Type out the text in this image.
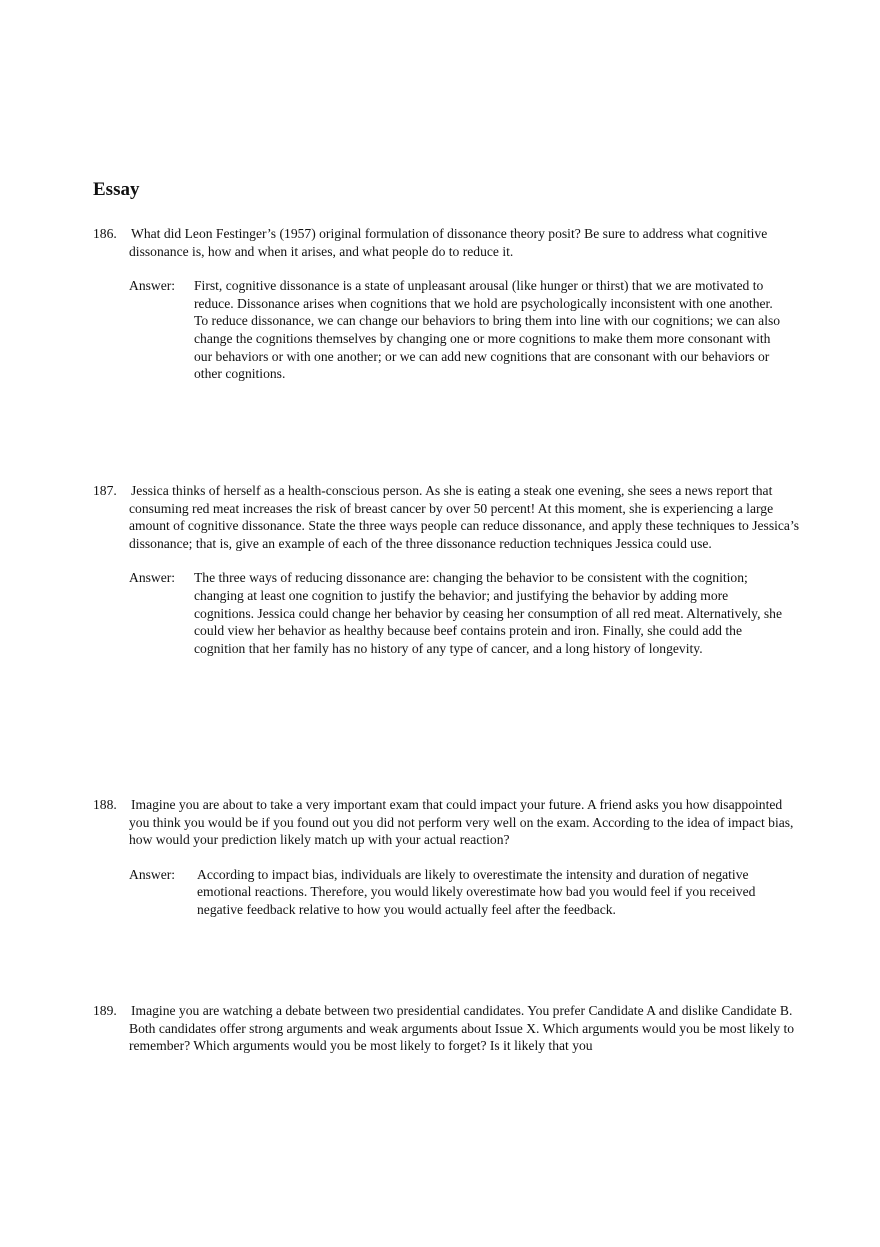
Essay
186.	What did Leon Festinger’s (1957) original formulation of dissonance theory posit? Be sure to address what cognitive dissonance is, how and when it arises, and what people do to reduce it.
Answer:	First, cognitive dissonance is a state of unpleasant arousal (like hunger or thirst) that we are motivated to reduce. Dissonance arises when cognitions that we hold are psychologically inconsistent with one another. To reduce dissonance, we can change our behaviors to bring them into line with our cognitions; we can also change the cognitions themselves by changing one or more cognitions to make them more consonant with our behaviors or with one another; or we can add new cognitions that are consonant with our behaviors or other cognitions.
187.	Jessica thinks of herself as a health-conscious person. As she is eating a steak one evening, she sees a news report that consuming red meat increases the risk of breast cancer by over 50 percent! At this moment, she is experiencing a large amount of cognitive dissonance. State the three ways people can reduce dissonance, and apply these techniques to Jessica’s dissonance; that is, give an example of each of the three dissonance reduction techniques Jessica could use.
Answer:	The three ways of reducing dissonance are: changing the behavior to be consistent with the cognition; changing at least one cognition to justify the behavior; and justifying the behavior by adding more cognitions. Jessica could change her behavior by ceasing her consumption of all red meat. Alternatively, she could view her behavior as healthy because beef contains protein and iron. Finally, she could add the cognition that her family has no history of any type of cancer, and a long history of longevity.
188.	Imagine you are about to take a very important exam that could impact your future. A friend asks you how disappointed you think you would be if you found out you did not perform very well on the exam. According to the idea of impact bias, how would your prediction likely match up with your actual reaction?
Answer:	According to impact bias, individuals are likely to overestimate the intensity and duration of negative emotional reactions. Therefore, you would likely overestimate how bad you would feel if you received negative feedback relative to how you would actually feel after the feedback.
189.	Imagine you are watching a debate between two presidential candidates. You prefer Candidate A and dislike Candidate B. Both candidates offer strong arguments and weak arguments about Issue X. Which arguments would you be most likely to remember? Which arguments would you be most likely to forget? Is it likely that you
